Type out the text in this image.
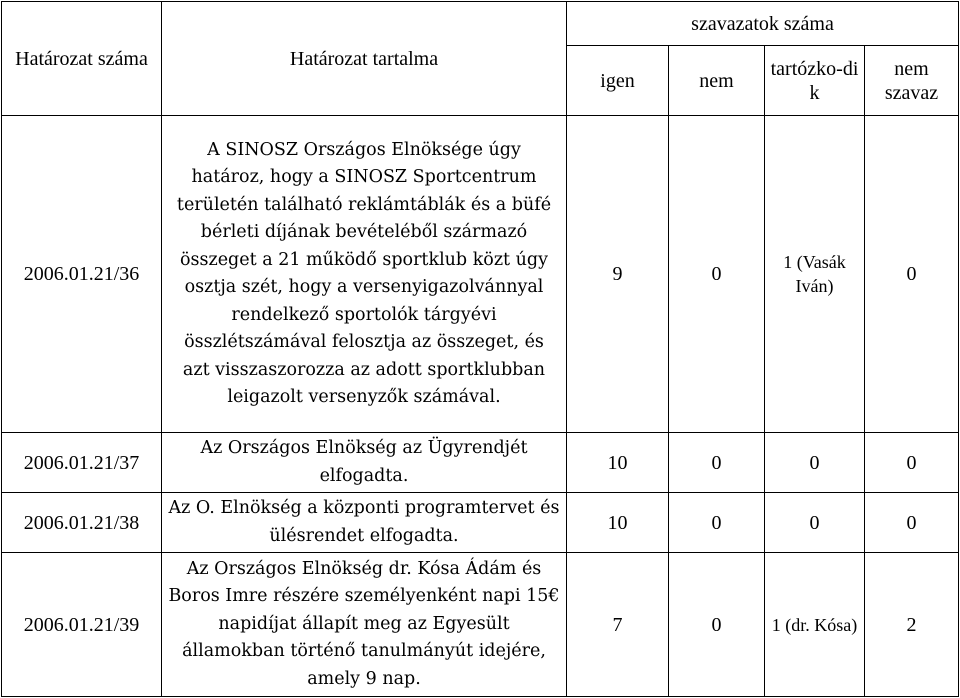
Határozat száma	Határozat tartalma	szavazatok száma			
		igen	nem	tartózko-dik	nem szavaz
2006.01.21/36	A SINOSZ Országos Elnöksége úgy határoz, hogy a SINOSZ Sportcentrum területén található reklámtáblák és a büfé bérleti díjának bevételéből származó összeget a 21 működő sportklub közt úgy osztja szét, hogy a versenyigazolvánnyal rendelkező sportolók tárgyévi összlétszámával felosztja az összeget, és azt visszaszorozza az adott sportklubban leigazolt versenyzők számával.	9	0	1 (Vasák Iván)	0
2006.01.21/37	Az Országos Elnökség az Ügyrendjét elfogadta.	10	0	0	0
2006.01.21/38	Az O. Elnökség a központi programtervet és ülésrendet elfogadta.	10	0	0	0
2006.01.21/39	Az Országos Elnökség dr. Kósa Ádám és Boros Imre részére személyenként napi 15€ napidíjat állapít meg az Egyesült államokban történő tanulmányút idejére, amely 9 nap.	7	0	1 (dr. Kósa)	2
